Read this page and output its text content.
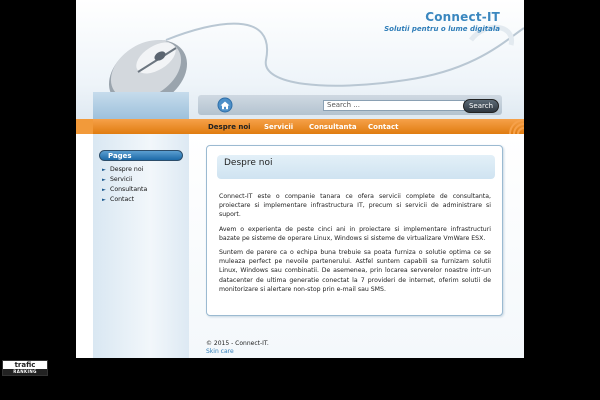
Connect-IT
Solutii pentru o lume digitala
Search ...	Search
Despre noi Servicii Consultanta Contact
Pages
► Despre noi
► Servicii
► Consultanta
► Contact
Despre noi

Connect-IT este o companie tanara ce ofera servicii complete de consultanta, proiectare si implementare infrastructura IT, precum si servicii de administrare si suport.

Avem o experienta de peste cinci ani in proiectare si implementare infrastructuri bazate pe sisteme de operare Linux, Windows si sisteme de virtualizare VmWare ESX.

Suntem de parere ca o echipa buna trebuie sa poata furniza o solutie optima ce se muleaza perfect pe nevoile partenerului. Astfel suntem capabili sa furnizam solutii Linux, Windows sau combinatii. De asemenea, prin locarea serverelor noastre intr-un datacenter de ultima generatie conectat la 7 provideri de internet, oferim solutii de monitorizare si alertare non-stop prin e-mail sau SMS.

© 2015 - Connect-IT.
Skin care
trafic
RANKING
